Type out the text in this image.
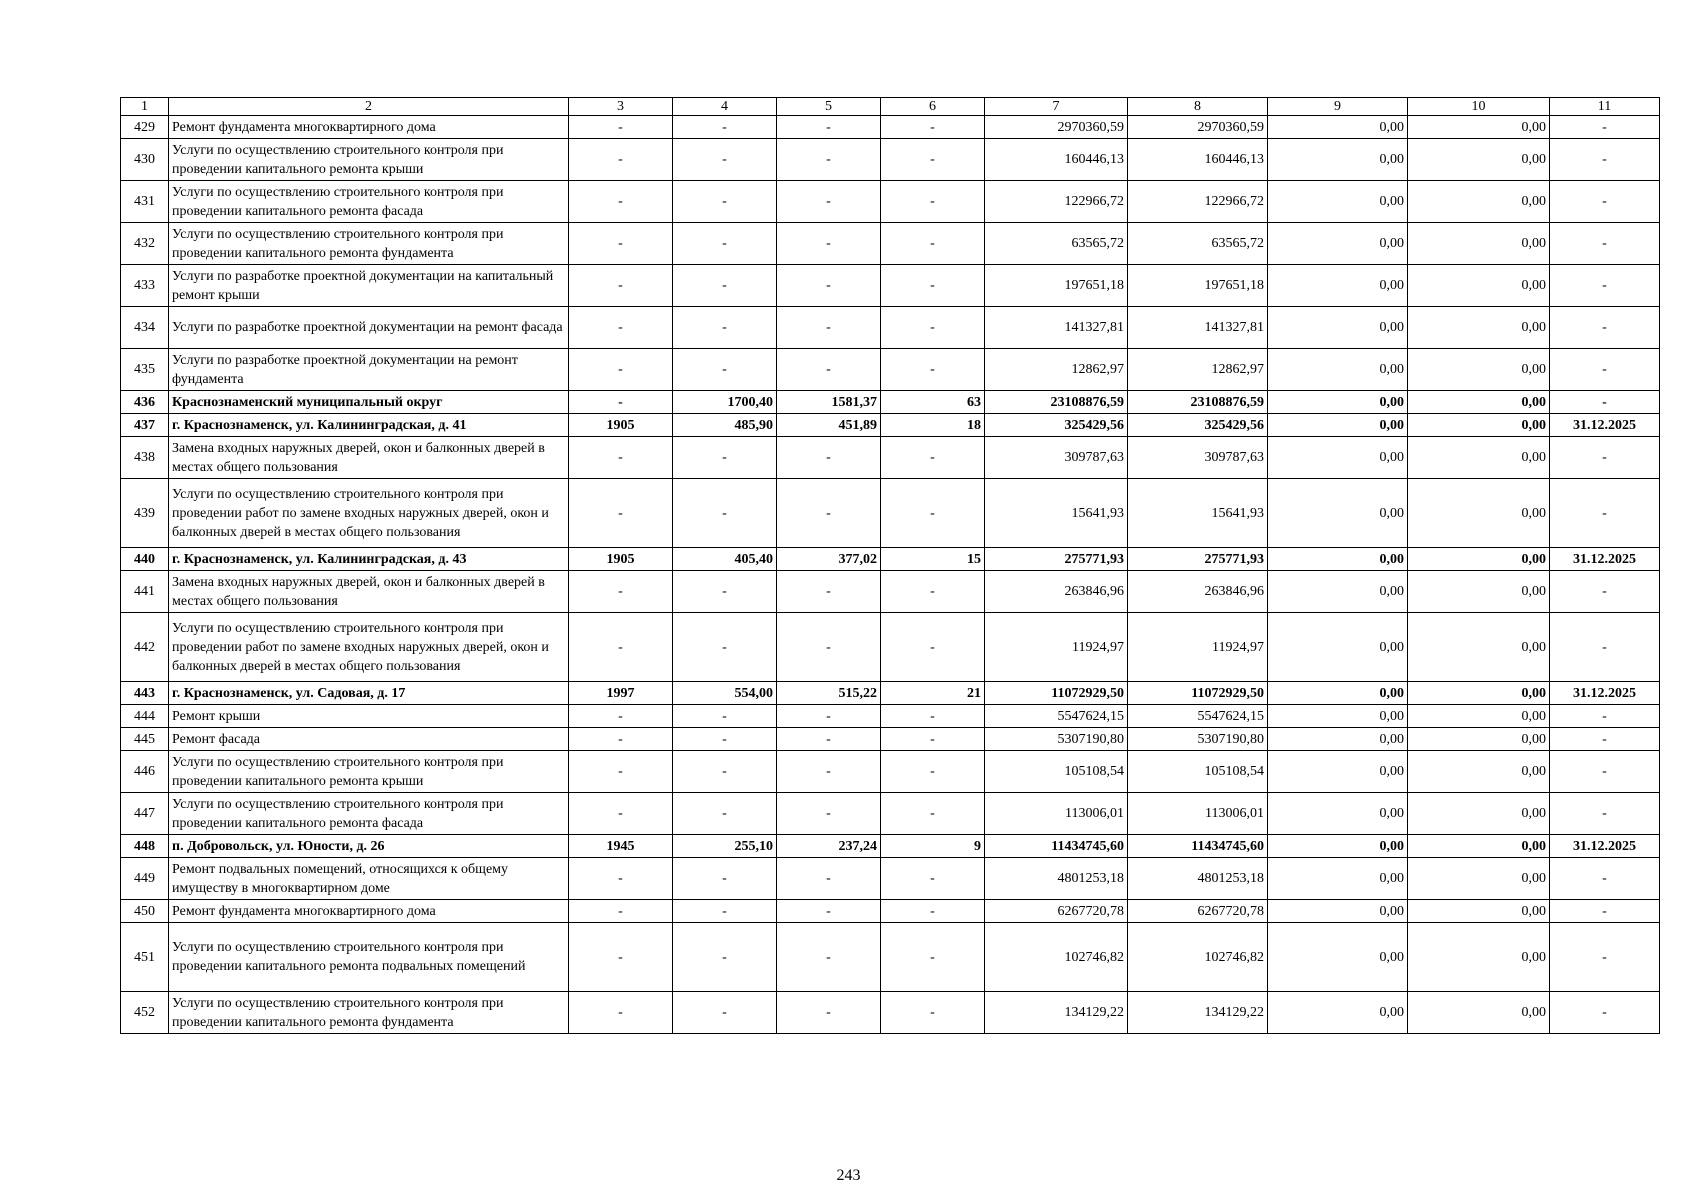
1	2	3	4	5	6	7	8	9	10	11
429	Ремонт фундамента многоквартирного дома	-	-	-	-	2970360,59	2970360,59	0,00	0,00	-
430	Услуги по осуществлению строительного контроля при проведении капитального ремонта крыши	-	-	-	-	160446,13	160446,13	0,00	0,00	-
431	Услуги по осуществлению строительного контроля при проведении капитального ремонта фасада	-	-	-	-	122966,72	122966,72	0,00	0,00	-
432	Услуги по осуществлению строительного контроля при проведении капитального ремонта фундамента	-	-	-	-	63565,72	63565,72	0,00	0,00	-
433	Услуги по разработке проектной документации на капитальный ремонт крыши	-	-	-	-	197651,18	197651,18	0,00	0,00	-
434	Услуги по разработке проектной документации на ремонт фасада	-	-	-	-	141327,81	141327,81	0,00	0,00	-
435	Услуги по разработке проектной документации на ремонт фундамента	-	-	-	-	12862,97	12862,97	0,00	0,00	-
436	Краснознаменский муниципальный округ	-	1700,40	1581,37	63	23108876,59	23108876,59	0,00	0,00	-
437	г. Краснознаменск, ул. Калининградская, д. 41	1905	485,90	451,89	18	325429,56	325429,56	0,00	0,00	31.12.2025
438	Замена входных наружных дверей, окон и балконных дверей в местах общего пользования	-	-	-	-	309787,63	309787,63	0,00	0,00	-
439	Услуги по осуществлению строительного контроля при проведении работ по замене входных наружных дверей, окон и балконных дверей в местах общего пользования	-	-	-	-	15641,93	15641,93	0,00	0,00	-
440	г. Краснознаменск, ул. Калининградская, д. 43	1905	405,40	377,02	15	275771,93	275771,93	0,00	0,00	31.12.2025
441	Замена входных наружных дверей, окон и балконных дверей в местах общего пользования	-	-	-	-	263846,96	263846,96	0,00	0,00	-
442	Услуги по осуществлению строительного контроля при проведении работ по замене входных наружных дверей, окон и балконных дверей в местах общего пользования	-	-	-	-	11924,97	11924,97	0,00	0,00	-
443	г. Краснознаменск, ул. Садовая, д. 17	1997	554,00	515,22	21	11072929,50	11072929,50	0,00	0,00	31.12.2025
444	Ремонт крыши	-	-	-	-	5547624,15	5547624,15	0,00	0,00	-
445	Ремонт фасада	-	-	-	-	5307190,80	5307190,80	0,00	0,00	-
446	Услуги по осуществлению строительного контроля при проведении капитального ремонта крыши	-	-	-	-	105108,54	105108,54	0,00	0,00	-
447	Услуги по осуществлению строительного контроля при проведении капитального ремонта фасада	-	-	-	-	113006,01	113006,01	0,00	0,00	-
448	п. Добровольск, ул. Юности, д. 26	1945	255,10	237,24	9	11434745,60	11434745,60	0,00	0,00	31.12.2025
449	Ремонт подвальных помещений, относящихся к общему имуществу в многоквартирном доме	-	-	-	-	4801253,18	4801253,18	0,00	0,00	-
450	Ремонт фундамента многоквартирного дома	-	-	-	-	6267720,78	6267720,78	0,00	0,00	-
451	Услуги по осуществлению строительного контроля при проведении капитального ремонта подвальных помещений	-	-	-	-	102746,82	102746,82	0,00	0,00	-
452	Услуги по осуществлению строительного контроля при проведении капитального ремонта фундамента	-	-	-	-	134129,22	134129,22	0,00	0,00	-
243
